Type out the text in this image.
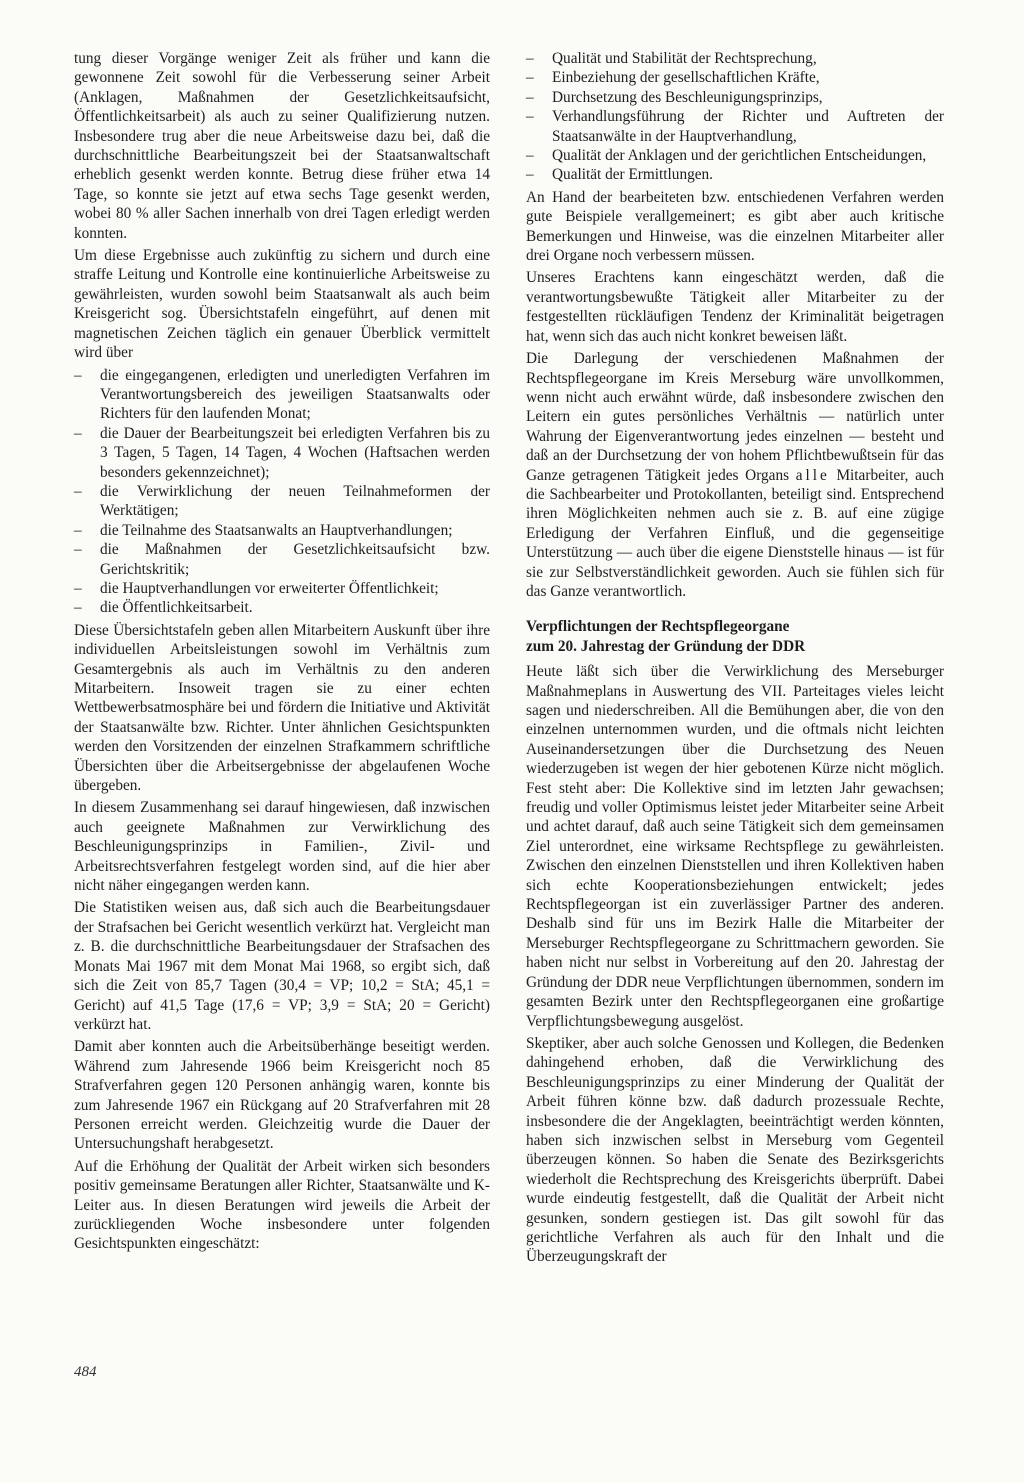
tung dieser Vorgänge weniger Zeit als früher und kann die gewonnene Zeit sowohl für die Verbesserung seiner Arbeit (Anklagen, Maßnahmen der Gesetzlichkeitsaufsicht, Öffentlichkeitsarbeit) als auch zu seiner Qualifizierung nutzen. Insbesondere trug aber die neue Arbeitsweise dazu bei, daß die durchschnittliche Bearbeitungszeit bei der Staatsanwaltschaft erheblich gesenkt werden konnte. Betrug diese früher etwa 14 Tage, so konnte sie jetzt auf etwa sechs Tage gesenkt werden, wobei 80 % aller Sachen innerhalb von drei Tagen erledigt werden konnten.

Um diese Ergebnisse auch zukünftig zu sichern und durch eine straffe Leitung und Kontrolle eine kontinuierliche Arbeitsweise zu gewährleisten, wurden sowohl beim Staatsanwalt als auch beim Kreisgericht sog. Übersichtstafeln eingeführt, auf denen mit magnetischen Zeichen täglich ein genauer Überblick vermittelt wird über

– die eingegangenen, erledigten und unerledigten Verfahren im Verantwortungsbereich des jeweiligen Staatsanwalts oder Richters für den laufenden Monat;
– die Dauer der Bearbeitungszeit bei erledigten Verfahren bis zu 3 Tagen, 5 Tagen, 14 Tagen, 4 Wochen (Haftsachen werden besonders gekennzeichnet);
– die Verwirklichung der neuen Teilnahmeformen der Werktätigen;
– die Teilnahme des Staatsanwalts an Hauptverhandlungen;
– die Maßnahmen der Gesetzlichkeitsaufsicht bzw. Gerichtskritik;
– die Hauptverhandlungen vor erweiterter Öffentlichkeit;
– die Öffentlichkeitsarbeit.

Diese Übersichtstafeln geben allen Mitarbeitern Auskunft über ihre individuellen Arbeitsleistungen sowohl im Verhältnis zum Gesamtergebnis als auch im Verhältnis zu den anderen Mitarbeitern. Insoweit tragen sie zu einer echten Wettbewerbsatmosphäre bei und fördern die Initiative und Aktivität der Staatsanwälte bzw. Richter. Unter ähnlichen Gesichtspunkten werden den Vorsitzenden der einzelnen Strafkammern schriftliche Übersichten über die Arbeitsergebnisse der abgelaufenen Woche übergeben.

In diesem Zusammenhang sei darauf hingewiesen, daß inzwischen auch geeignete Maßnahmen zur Verwirklichung des Beschleunigungsprinzips in Familien-, Zivil- und Arbeitsrechtsverfahren festgelegt worden sind, auf die hier aber nicht näher eingegangen werden kann.

Die Statistiken weisen aus, daß sich auch die Bearbeitungsdauer der Strafsachen bei Gericht wesentlich verkürzt hat. Vergleicht man z. B. die durchschnittliche Bearbeitungsdauer der Strafsachen des Monats Mai 1967 mit dem Monat Mai 1968, so ergibt sich, daß sich die Zeit von 85,7 Tagen (30,4 = VP; 10,2 = StA; 45,1 = Gericht) auf 41,5 Tage (17,6 = VP; 3,9 = StA; 20 = Gericht) verkürzt hat.

Damit aber konnten auch die Arbeitsüberhänge beseitigt werden. Während zum Jahresende 1966 beim Kreisgericht noch 85 Strafverfahren gegen 120 Personen anhängig waren, konnte bis zum Jahresende 1967 ein Rückgang auf 20 Strafverfahren mit 28 Personen erreicht werden. Gleichzeitig wurde die Dauer der Untersuchungshaft herabgesetzt.

Auf die Erhöhung der Qualität der Arbeit wirken sich besonders positiv gemeinsame Beratungen aller Richter, Staatsanwälte und K-Leiter aus. In diesen Beratungen wird jeweils die Arbeit der zurückliegenden Woche insbesondere unter folgenden Gesichtspunkten eingeschätzt:

– Qualität und Stabilität der Rechtsprechung,
– Einbeziehung der gesellschaftlichen Kräfte,
– Durchsetzung des Beschleunigungsprinzips,
– Verhandlungsführung der Richter und Auftreten der Staatsanwälte in der Hauptverhandlung,
– Qualität der Anklagen und der gerichtlichen Entscheidungen,
– Qualität der Ermittlungen.

An Hand der bearbeiteten bzw. entschiedenen Verfahren werden gute Beispiele verallgemeinert; es gibt aber auch kritische Bemerkungen und Hinweise, was die einzelnen Mitarbeiter aller drei Organe noch verbessern müssen.

Unseres Erachtens kann eingeschätzt werden, daß die verantwortungsbewußte Tätigkeit aller Mitarbeiter zu der festgestellten rückläufigen Tendenz der Kriminalität beigetragen hat, wenn sich das auch nicht konkret beweisen läßt.

Die Darlegung der verschiedenen Maßnahmen der Rechtspflegeorgane im Kreis Merseburg wäre unvollkommen, wenn nicht auch erwähnt würde, daß insbesondere zwischen den Leitern ein gutes persönliches Verhältnis — natürlich unter Wahrung der Eigenverantwortung jedes einzelnen — besteht und daß an der Durchsetzung der von hohem Pflichtbewußtsein für das Ganze getragenen Tätigkeit jedes Organs alle Mitarbeiter, auch die Sachbearbeiter und Protokollanten, beteiligt sind. Entsprechend ihren Möglichkeiten nehmen auch sie z. B. auf eine zügige Erledigung der Verfahren Einfluß, und die gegenseitige Unterstützung — auch über die eigene Dienststelle hinaus — ist für sie zur Selbstverständlichkeit geworden. Auch sie fühlen sich für das Ganze verantwortlich.

Verpflichtungen der Rechtspflegeorgane
zum 20. Jahrestag der Gründung der DDR

Heute läßt sich über die Verwirklichung des Merseburger Maßnahmeplans in Auswertung des VII. Parteitages vieles leicht sagen und niederschreiben. All die Bemühungen aber, die von den einzelnen unternommen wurden, und die oftmals nicht leichten Auseinandersetzungen über die Durchsetzung des Neuen wiederzugeben ist wegen der hier gebotenen Kürze nicht möglich. Fest steht aber: Die Kollektive sind im letzten Jahr gewachsen; freudig und voller Optimismus leistet jeder Mitarbeiter seine Arbeit und achtet darauf, daß auch seine Tätigkeit sich dem gemeinsamen Ziel unterordnet, eine wirksame Rechtspflege zu gewährleisten. Zwischen den einzelnen Dienststellen und ihren Kollektiven haben sich echte Kooperationsbeziehungen entwickelt; jedes Rechtspflegeorgan ist ein zuverlässiger Partner des anderen. Deshalb sind für uns im Bezirk Halle die Mitarbeiter der Merseburger Rechtspflegeorgane zu Schrittmachern geworden. Sie haben nicht nur selbst in Vorbereitung auf den 20. Jahrestag der Gründung der DDR neue Verpflichtungen übernommen, sondern im gesamten Bezirk unter den Rechtspflegeorganen eine großartige Verpflichtungsbewegung ausgelöst.

Skeptiker, aber auch solche Genossen und Kollegen, die Bedenken dahingehend erhoben, daß die Verwirklichung des Beschleunigungsprinzips zu einer Minderung der Qualität der Arbeit führen könne bzw. daß dadurch prozessuale Rechte, insbesondere die der Angeklagten, beeinträchtigt werden könnten, haben sich inzwischen selbst in Merseburg vom Gegenteil überzeugen können. So haben die Senate des Bezirksgerichts wiederholt die Rechtsprechung des Kreisgerichts überprüft. Dabei wurde eindeutig festgestellt, daß die Qualität der Arbeit nicht gesunken, sondern gestiegen ist. Das gilt sowohl für das gerichtliche Verfahren als auch für den Inhalt und die Überzeugungskraft der

484
